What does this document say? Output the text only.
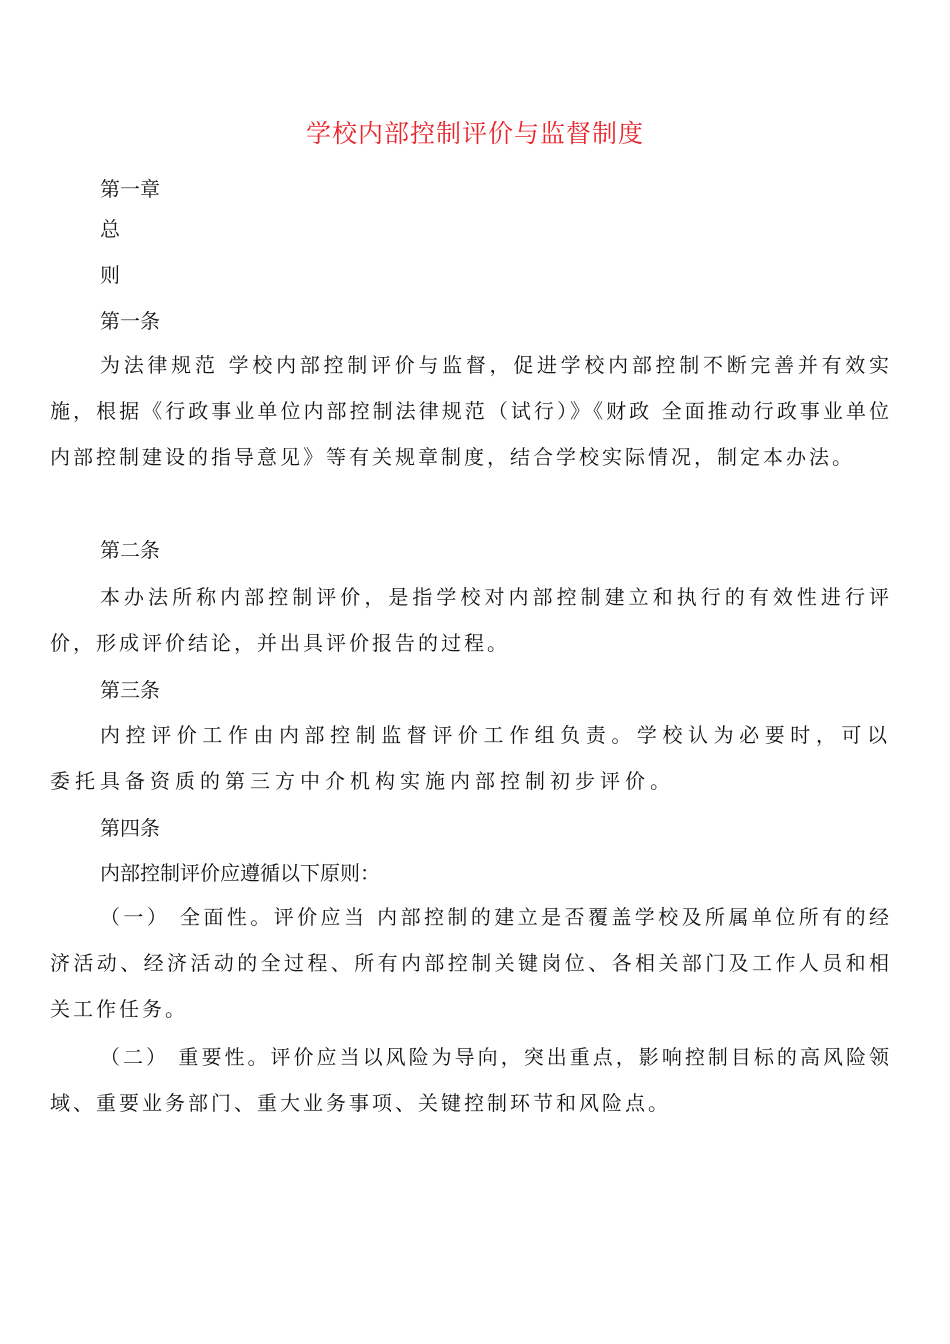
学校内部控制评价与监督制度
第一章
总
则
第一条
为法律规范 学校内部控制评价与监督，促进学校内部控制不断完善并有效实施，根据《行政事业单位内部控制法律规范（试行）》《财政 全面推动行政事业单位内部控制建设的指导意见》等有关规章制度，结合学校实际情况，制定本办法。
第二条
本办法所称内部控制评价，是指学校对内部控制建立和执行的有效性进行评价，形成评价结论，并出具评价报告的过程。
第三条
内控评价工作由内部控制监督评价工作组负责。学校认为必要时，可以委托具备资质的第三方中介机构实施内部控制初步评价。
第四条
内部控制评价应遵循以下原则：
（一） 全面性。评价应当 内部控制的建立是否覆盖学校及所属单位所有的经济活动、经济活动的全过程、所有内部控制关键岗位、各相关部门及工作人员和相关工作任务。
（二） 重要性。评价应当以风险为导向，突出重点，影响控制目标的高风险领域、重要业务部门、重大业务事项、关键控制环节和风险点。
